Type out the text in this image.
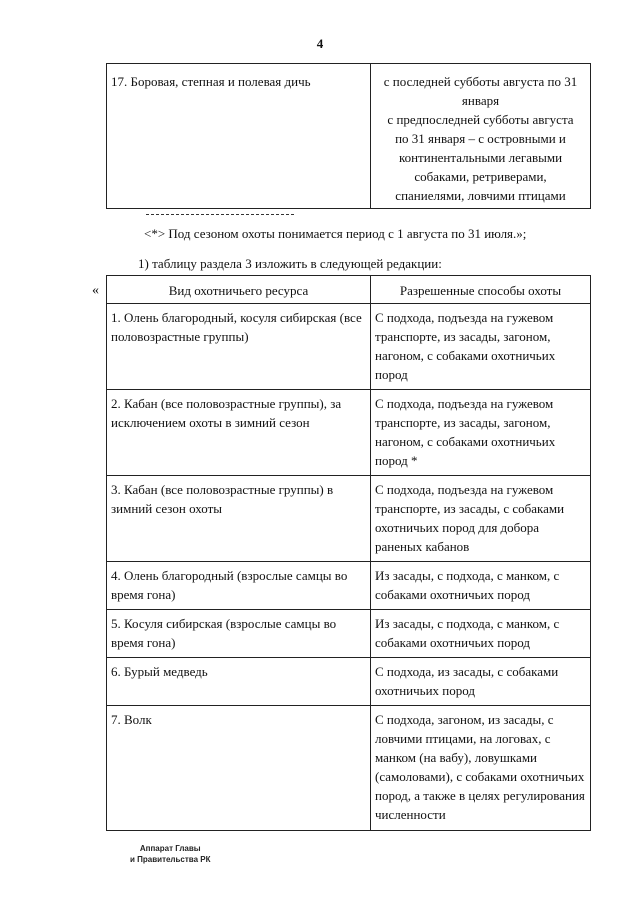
4
17. Боровая, степная и полевая дичь	с последней субботы августа по 31
января
с предпоследней субботы августа
по 31 января – с островными и
континентальными легавыми
собаками, ретриверами,
спаниелями, ловчими птицами
<*> Под сезоном охоты понимается период с 1 августа по 31 июля.»;
1) таблицу раздела 3 изложить в следующей редакции:
«	Вид охотничьего ресурса	Разрешенные способы охоты
1. Олень благородный, косуля сибирская (все половозрастные группы)	С подхода, подъезда на гужевом транспорте, из засады, загоном, нагоном, с собаками охотничьих пород
2. Кабан (все половозрастные группы), за исключением охоты в зимний сезон	С подхода, подъезда на гужевом транспорте, из засады, загоном, нагоном, с собаками охотничьих пород *
3. Кабан (все половозрастные группы) в зимний сезон охоты	С подхода, подъезда на гужевом транспорте, из засады, с собаками охотничьих пород для добора раненых кабанов
4. Олень благородный (взрослые самцы во время гона)	Из засады, с подхода, с манком, с собаками охотничьих пород
5. Косуля сибирская (взрослые самцы во время гона)	Из засады, с подхода, с манком, с собаками охотничьих пород
6. Бурый медведь	С подхода, из засады, с собаками охотничьих пород
7. Волк	С подхода, загоном, из засады, с ловчими птицами, на логовах, с манком (на вабу), ловушками (самоловами), с собаками охотничьих пород, а также в целях регулирования численности
Аппарат Главы
и Правительства РК
